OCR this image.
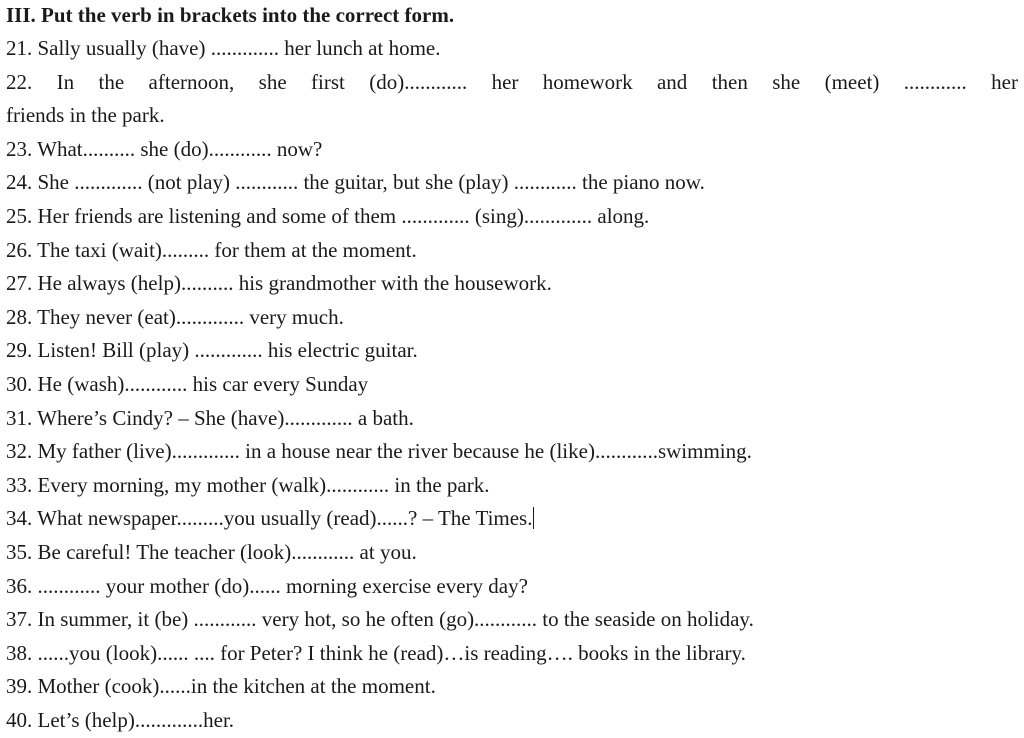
III. Put the verb in brackets into the correct form.
21. Sally usually (have) ............. her lunch at home.
22. In the afternoon, she first (do)............ her homework and then she (meet) ............ her
friends in the park.
23. What.......... she (do)............ now?
24. She ............. (not play) ............ the guitar, but she (play) ............ the piano now.
25. Her friends are listening and some of them ............. (sing)............. along.
26. The taxi (wait)......... for them at the moment.
27. He always (help).......... his grandmother with the housework.
28. They never (eat)............. very much.
29. Listen! Bill (play) ............. his electric guitar.
30. He (wash)............ his car every Sunday
31. Where’s Cindy? – She (have)............. a bath.
32. My father (live)............. in a house near the river because he (like)............swimming.
33. Every morning, my mother (walk)............ in the park.
34. What newspaper.........you usually (read)......? – The Times.
35. Be careful! The teacher (look)............ at you.
36. ............ your mother (do)...... morning exercise every day?
37. In summer, it (be) ............ very hot, so he often (go)............ to the seaside on holiday.
38. ......you (look)...... .... for Peter? I think he (read)…is reading…. books in the library.
39. Mother (cook)......in the kitchen at the moment.
40. Let’s (help).............her.
